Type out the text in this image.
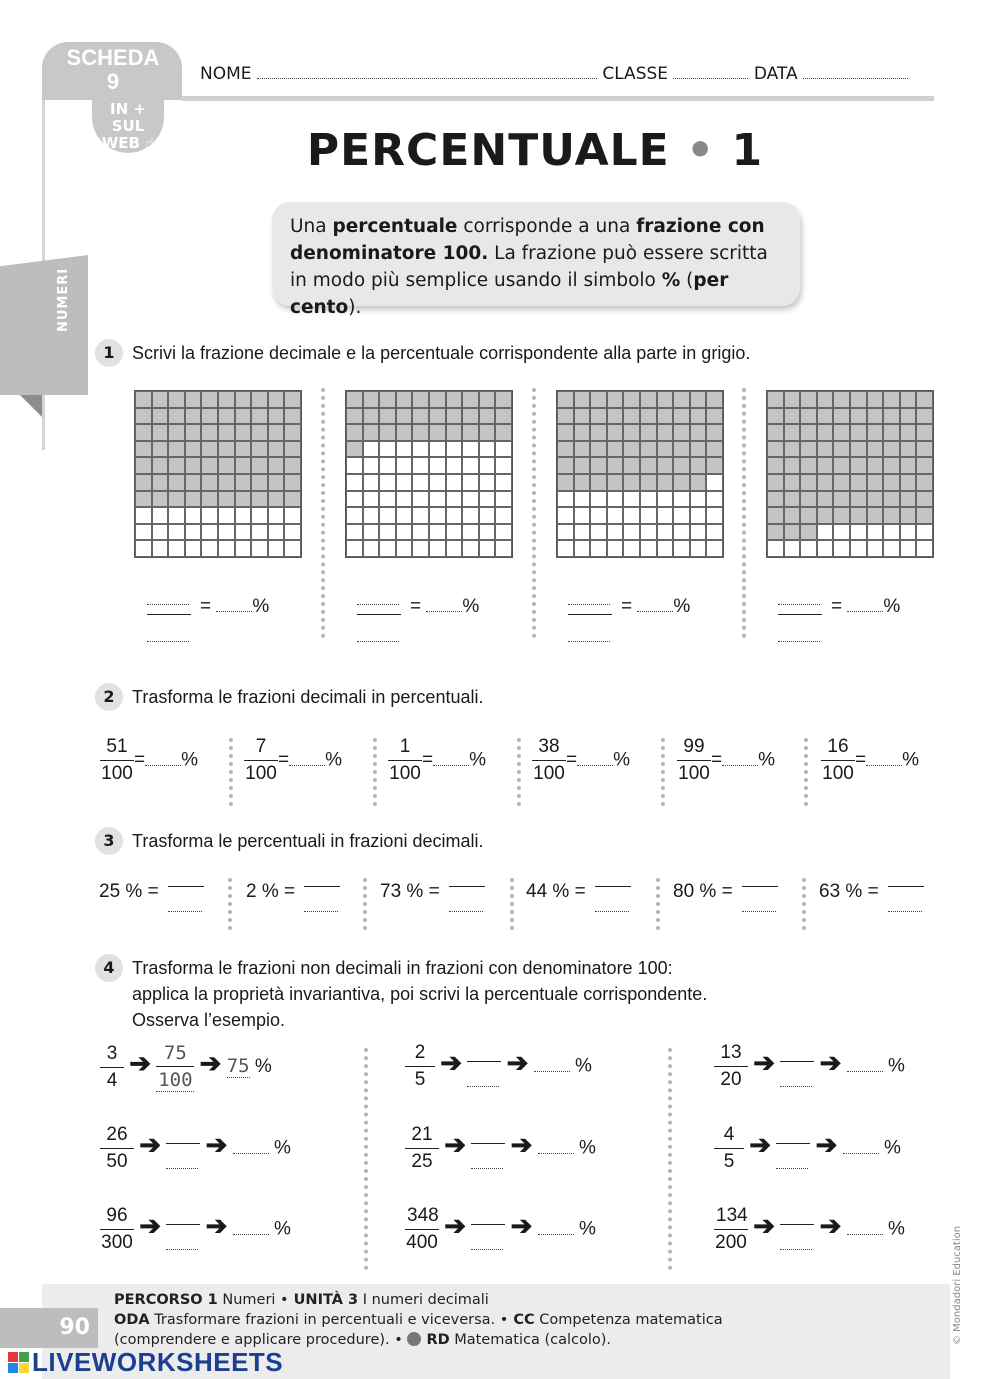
SCHEDA
9
IN + SUL WEB ☝
NOME	CLASSE	DATA
NUMERI
PERCENTUALE • 1
Una percentuale corrisponde a una frazione con denominatore 100. La frazione può essere scritta in modo più semplice usando il simbolo % (per cento).
1 Scrivi la frazione decimale e la percentuale corrispondente alla parte in grigio.
= %	= %	= %	= %
2 Trasforma le frazioni decimali in percentuali.
$\frac{51}{100}$ = % $\frac{7}{100}$ = % $\frac{1}{100}$ = % $\frac{38}{100}$ = % $\frac{99}{100}$ = % $\frac{16}{100}$ = %
3 Trasforma le percentuali in frazioni decimali.
25 % =	2 % =	73 % =	44 % =	80 % =	63 % =
4 Trasforma le frazioni non decimali in frazioni con denominatore 100:
applica la proprietà invariantiva, poi scrivi la percentuale corrispondente.
Osserva l’esempio.
$\frac{3}{4}$ ➔ $\frac{75}{100}$ ➔ 75 %	$\frac{2}{5}$ ➔ ➔ %	$\frac{13}{20}$ ➔ ➔ %
$\frac{26}{50}$ ➔ ➔ %	$\frac{21}{25}$ ➔ ➔ %	$\frac{4}{5}$ ➔ ➔ %
$\frac{96}{300}$ ➔ ➔ %	$\frac{348}{400}$ ➔ ➔ %	$\frac{134}{200}$ ➔ ➔ %	© Mondadori Education
90
PERCORSO 1 Numeri • UNITÀ 3 I numeri decimali
ODA Trasformare frazioni in percentuali e viceversa. • CC Competenza matematica
(comprendere e applicare procedure). •  RD Matematica (calcolo).
LIVEWORKSHEETS
